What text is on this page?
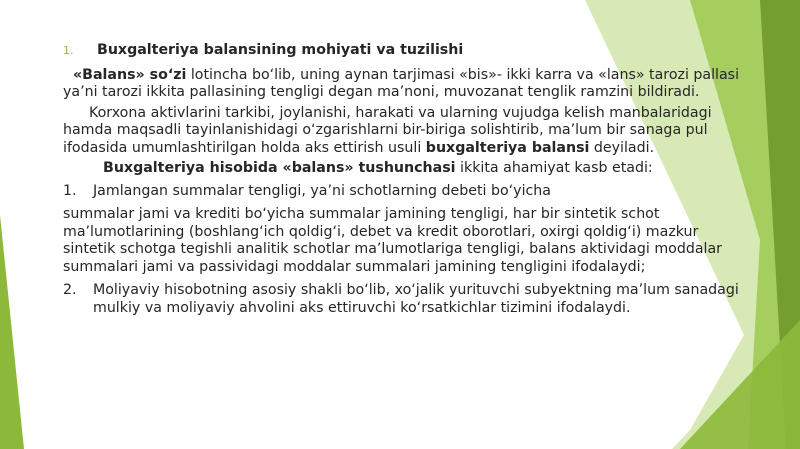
1.	Buxgalteriya balansining mohiyati va tuzilishi

«Balans» so‘zi lotincha bo‘lib, uning aynan tarjimasi «bis»- ikki karra va «lans» tarozi pallasi ya’ni tarozi ikkita pallasining tengligi degan ma’noni, muvozanat tenglik ramzini bildiradi.

Korxona aktivlarini tarkibi, joylanishi, harakati va ularning vujudga kelish manbalaridagi hamda maqsadli tayinlanishidagi o‘zgarishlarni bir-biriga solishtirib, ma’lum bir sanaga pul ifodasida umumlashtirilgan holda aks ettirish usuli buxgalteriya balansi deyiladi.

Buxgalteriya hisobida «balans» tushunchasi ikkita ahamiyat kasb etadi:

1.	Jamlangan summalar tengligi, ya’ni schotlarning debeti bo‘yicha

summalar jami va krediti bo‘yicha summalar jamining tengligi, har bir sintetik schot ma’lumotlarining (boshlang‘ich qoldig‘i, debet va kredit oborotlari, oxirgi qoldig‘i) mazkur sintetik schotga tegishli analitik schotlar ma’lumotlariga tengligi, balans aktividagi moddalar summalari jami va passividagi moddalar summalari jamining tengligini ifodalaydi;

2.	Moliyaviy hisobotning asosiy shakli bo‘lib, xo‘jalik yurituvchi subyektning ma’lum sanadagi mulkiy va moliyaviy ahvolini aks ettiruvchi ko‘rsatkichlar tizimini ifodalaydi.
